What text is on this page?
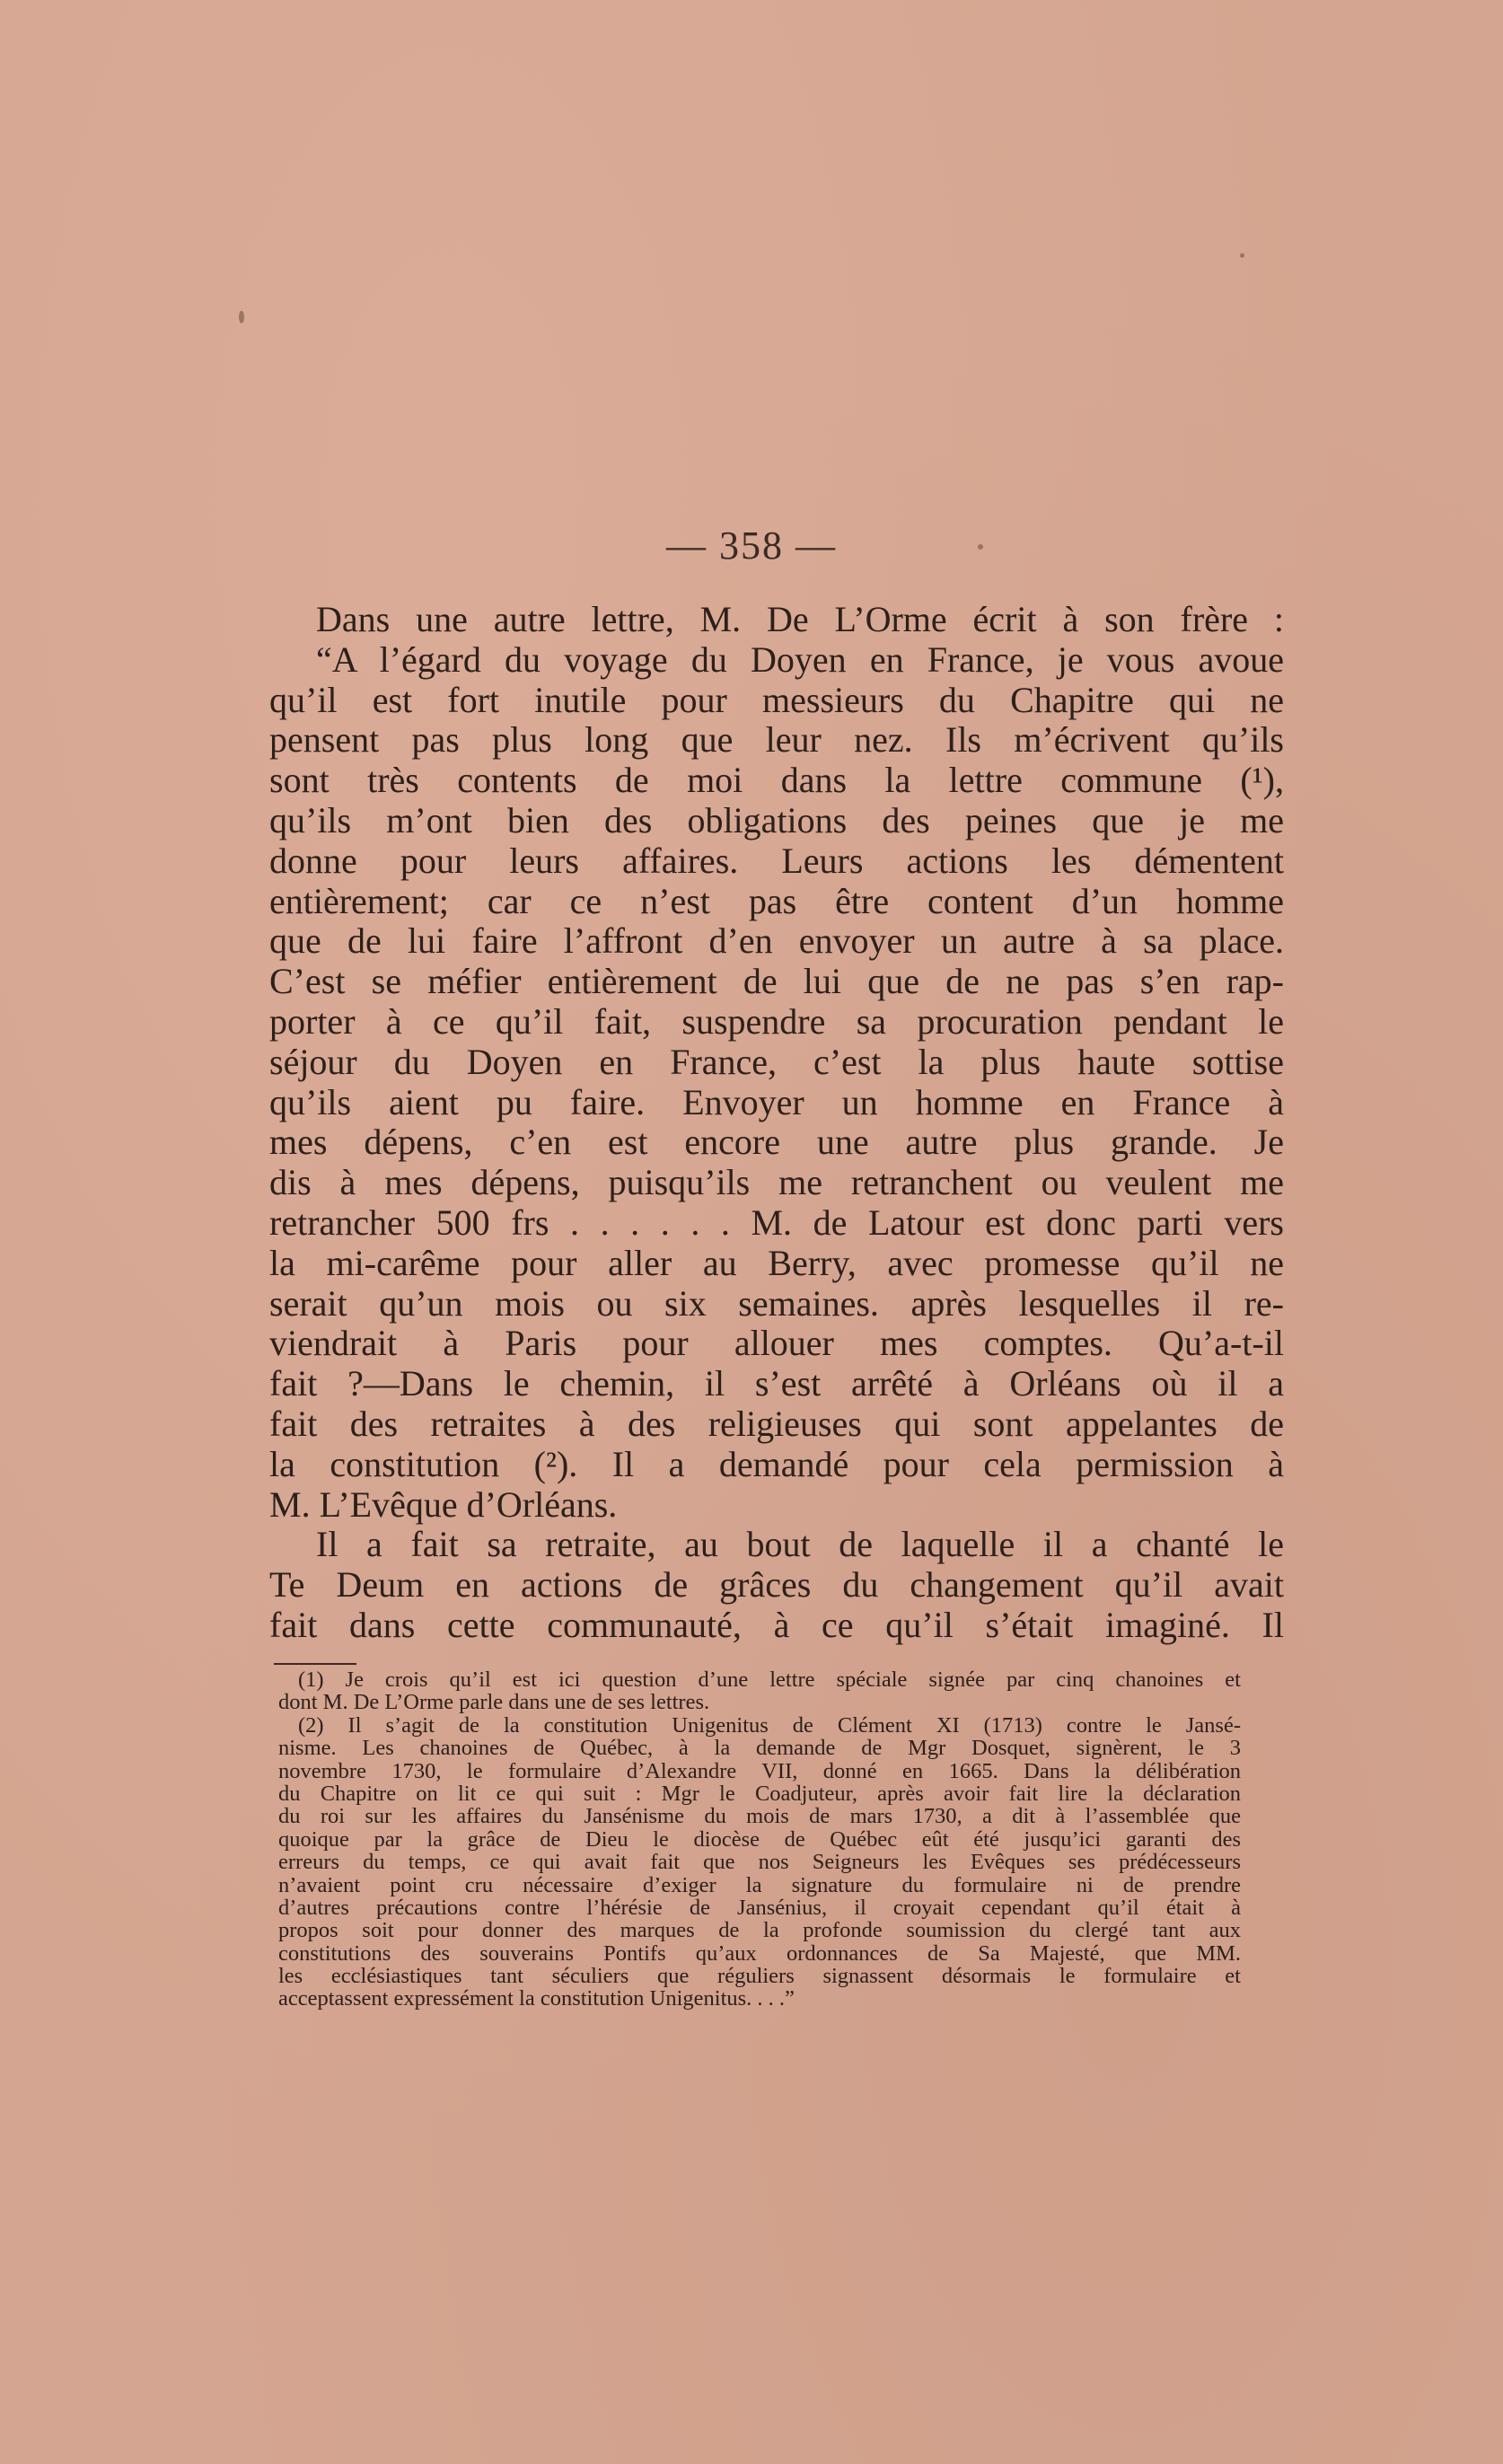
— 358 —
Dans une autre lettre, M. De L’Orme écrit à son frère :
“A l’égard du voyage du Doyen en France, je vous avoue
qu’il est fort inutile pour messieurs du Chapitre qui ne
pensent pas plus long que leur nez. Ils m’écrivent qu’ils
sont très contents de moi dans la lettre commune (¹),
qu’ils m’ont bien des obligations des peines que je me
donne pour leurs affaires. Leurs actions les démentent
entièrement; car ce n’est pas être content d’un homme
que de lui faire l’affront d’en envoyer un autre à sa place.
C’est se méfier entièrement de lui que de ne pas s’en rap-
porter à ce qu’il fait, suspendre sa procuration pendant le
séjour du Doyen en France, c’est la plus haute sottise
qu’ils aient pu faire. Envoyer un homme en France à
mes dépens, c’en est encore une autre plus grande. Je
dis à mes dépens, puisqu’ils me retranchent ou veulent me
retrancher 500 frs . . . . . . M. de Latour est donc parti vers
la mi-carême pour aller au Berry, avec promesse qu’il ne
serait qu’un mois ou six semaines. après lesquelles il re-
viendrait à Paris pour allouer mes comptes. Qu’a-t-il
fait ?—Dans le chemin, il s’est arrêté à Orléans où il a
fait des retraites à des religieuses qui sont appelantes de
la constitution (²). Il a demandé pour cela permission à
M. L’Evêque d’Orléans.
Il a fait sa retraite, au bout de laquelle il a chanté le
Te Deum en actions de grâces du changement qu’il avait
fait dans cette communauté, à ce qu’il s’était imaginé. Il
(1) Je crois qu’il est ici question d’une lettre spéciale signée par cinq chanoines et
dont M. De L’Orme parle dans une de ses lettres.
(2) Il s’agit de la constitution Unigenitus de Clément XI (1713) contre le Jansé-
nisme. Les chanoines de Québec, à la demande de Mgr Dosquet, signèrent, le 3
novembre 1730, le formulaire d’Alexandre VII, donné en 1665. Dans la délibération
du Chapitre on lit ce qui suit : Mgr le Coadjuteur, après avoir fait lire la déclaration
du roi sur les affaires du Jansénisme du mois de mars 1730, a dit à l’assemblée que
quoique par la grâce de Dieu le diocèse de Québec eût été jusqu’ici garanti des
erreurs du temps, ce qui avait fait que nos Seigneurs les Evêques ses prédécesseurs
n’avaient point cru nécessaire d’exiger la signature du formulaire ni de prendre
d’autres précautions contre l’hérésie de Jansénius, il croyait cependant qu’il était à
propos soit pour donner des marques de la profonde soumission du clergé tant aux
constitutions des souverains Pontifs qu’aux ordonnances de Sa Majesté, que MM.
les ecclésiastiques tant séculiers que réguliers signassent désormais le formulaire et
acceptassent expressément la constitution Unigenitus. . . .”
